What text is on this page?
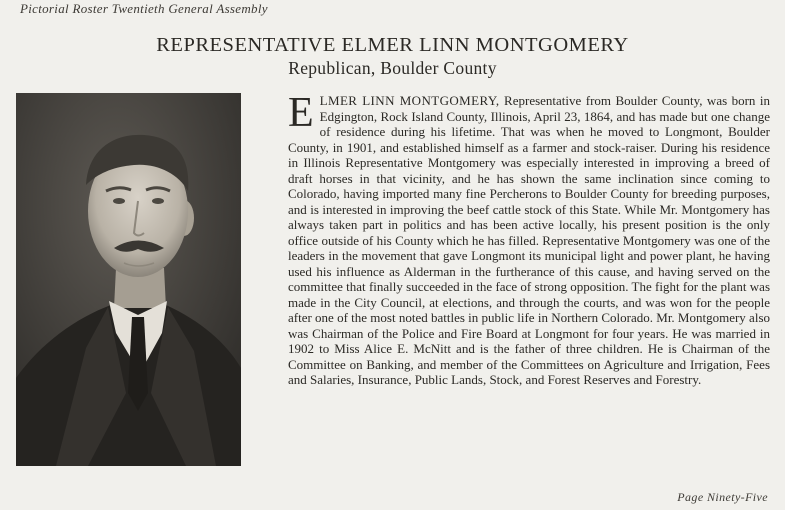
Pictorial Roster Twentieth General Assembly
REPRESENTATIVE ELMER LINN MONTGOMERY
Republican, Boulder County

ELMER LINN MONTGOMERY, Representative from Boulder County, was born in Edgington, Rock Island County, Illinois, April 23, 1864, and has made but one change of residence during his lifetime. That was when he moved to Longmont, Boulder County, in 1901, and established himself as a farmer and stock-raiser. During his residence in Illinois Representative Montgomery was especially interested in improving a breed of draft horses in that vicinity, and he has shown the same inclination since coming to Colorado, having imported many fine Percherons to Boulder County for breeding purposes, and is interested in improving the beef cattle stock of this State. While Mr. Montgomery has always taken part in politics and has been active locally, his present position is the only office outside of his County which he has filled. Representative Montgomery was one of the leaders in the movement that gave Longmont its municipal light and power plant, he having used his influence as Alderman in the furtherance of this cause, and having served on the committee that finally succeeded in the face of strong opposition. The fight for the plant was made in the City Council, at elections, and through the courts, and was won for the people after one of the most noted battles in public life in Northern Colorado. Mr. Montgomery also was Chairman of the Police and Fire Board at Longmont for four years. He was married in 1902 to Miss Alice E. McNitt and is the father of three children. He is Chairman of the Committee on Banking, and member of the Committees on Agriculture and Irrigation, Fees and Salaries, Insurance, Public Lands, Stock, and Forest Reserves and Forestry.

Page Ninety-Five
